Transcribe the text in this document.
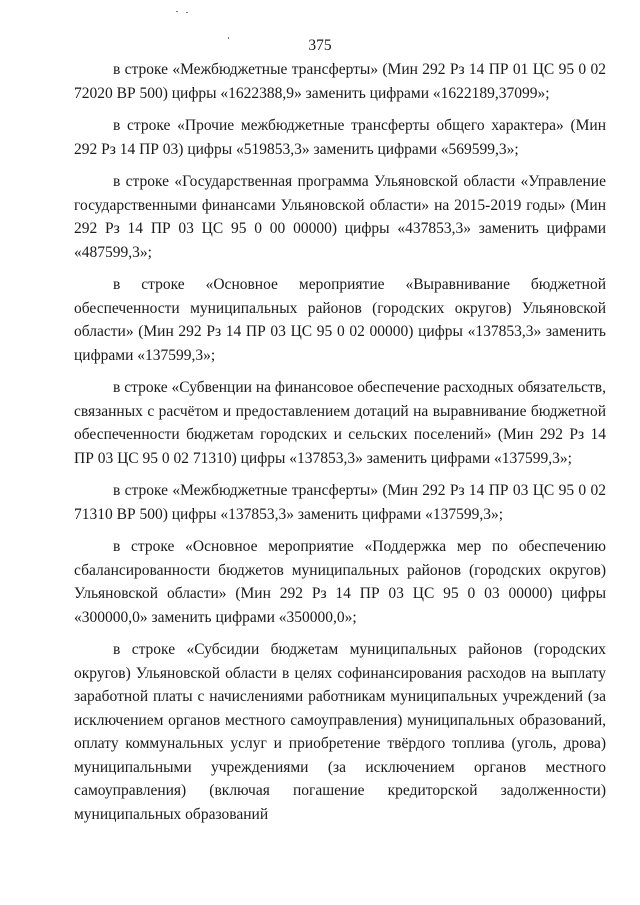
375

в строке «Межбюджетные трансферты» (Мин 292 Рз 14 ПР 01 ЦС 95 0 02 72020 ВР 500) цифры «1622388,9» заменить цифрами «1622189,37099»;

в строке «Прочие межбюджетные трансферты общего характера» (Мин 292 Рз 14 ПР 03) цифры «519853,3» заменить цифрами «569599,3»;

в строке «Государственная программа Ульяновской области «Управление государственными финансами Ульяновской области» на 2015-2019 годы» (Мин 292 Рз 14 ПР 03 ЦС 95 0 00 00000) цифры «437853,3» заменить цифрами «487599,3»;

в строке «Основное мероприятие «Выравнивание бюджетной обеспеченности муниципальных районов (городских округов) Ульяновской области» (Мин 292 Рз 14 ПР 03 ЦС 95 0 02 00000) цифры «137853,3» заменить цифрами «137599,3»;

в строке «Субвенции на финансовое обеспечение расходных обязательств, связанных с расчётом и предоставлением дотаций на выравнивание бюджетной обеспеченности бюджетам городских и сельских поселений» (Мин 292 Рз 14 ПР 03 ЦС 95 0 02 71310) цифры «137853,3» заменить цифрами «137599,3»;

в строке «Межбюджетные трансферты» (Мин 292 Рз 14 ПР 03 ЦС 95 0 02 71310 ВР 500) цифры «137853,3» заменить цифрами «137599,3»;

в строке «Основное мероприятие «Поддержка мер по обеспечению сбалансированности бюджетов муниципальных районов (городских округов) Ульяновской области» (Мин 292 Рз 14 ПР 03 ЦС 95 0 03 00000) цифры «300000,0» заменить цифрами «350000,0»;

в строке «Субсидии бюджетам муниципальных районов (городских округов) Ульяновской области в целях софинансирования расходов на выплату заработной платы с начислениями работникам муниципальных учреждений (за исключением органов местного самоуправления) муниципальных образований, оплату коммунальных услуг и приобретение твёрдого топлива (уголь, дрова) муниципальными учреждениями (за исключением органов местного самоуправления) (включая погашение кредиторской задолженности) муниципальных образований
